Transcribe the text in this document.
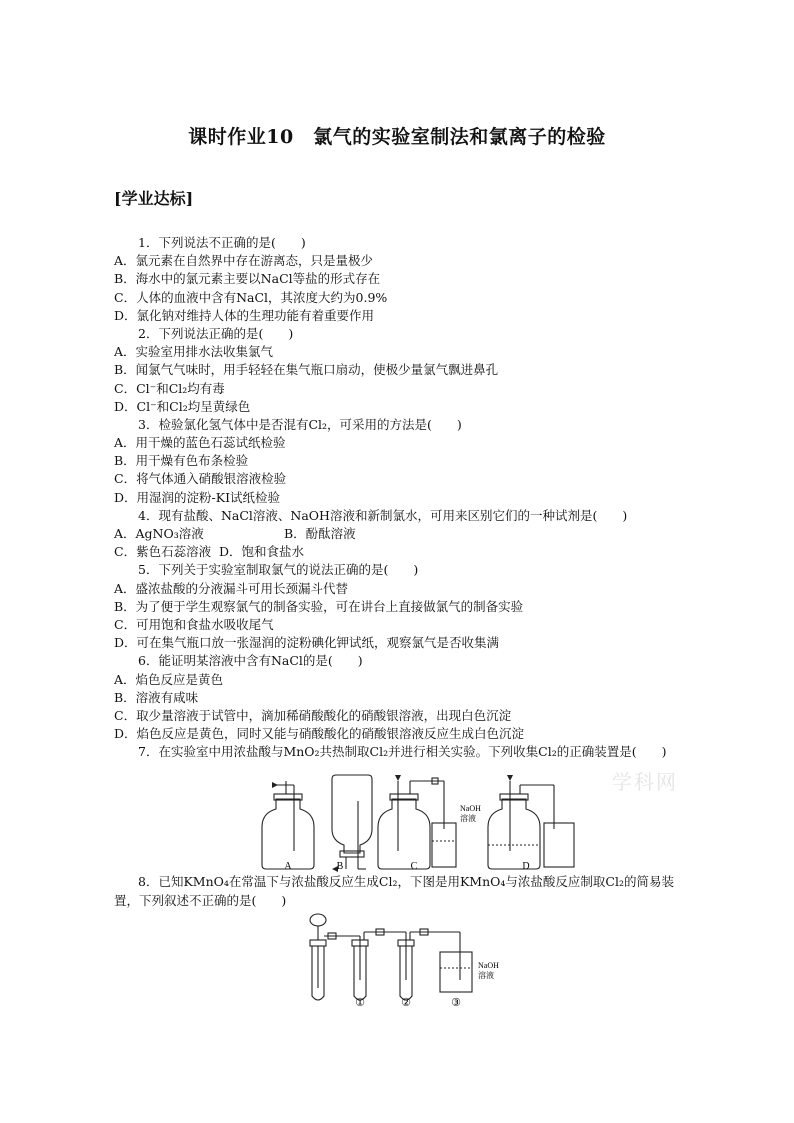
课时作业10　氯气的实验室制法和氯离子的检验
[学业达标]
学科网
1．下列说法不正确的是(　　)
A．氯元素在自然界中存在游离态，只是量极少
B．海水中的氯元素主要以NaCl等盐的形式存在
C．人体的血液中含有NaCl，其浓度大约为0.9%
D．氯化钠对维持人体的生理功能有着重要作用
2．下列说法正确的是(　　)
A．实验室用排水法收集氯气
B．闻氯气气味时，用手轻轻在集气瓶口扇动，使极少量氯气飘进鼻孔
C．Cl⁻和Cl₂均有毒
D．Cl⁻和Cl₂均呈黄绿色
3．检验氯化氢气体中是否混有Cl₂，可采用的方法是(　　)
A．用干燥的蓝色石蕊试纸检验
B．用干燥有色布条检验
C．将气体通入硝酸银溶液检验
D．用湿润的淀粉-KI试纸检验
4．现有盐酸、NaCl溶液、NaOH溶液和新制氯水，可用来区别它们的一种试剂是(　　)
A．AgNO₃溶液	B．酚酞溶液
C．紫色石蕊溶液 D．饱和食盐水
5．下列关于实验室制取氯气的说法正确的是(　　)
A．盛浓盐酸的分液漏斗可用长颈漏斗代替
B．为了便于学生观察氯气的制备实验，可在讲台上直接做氯气的制备实验
C．可用饱和食盐水吸收尾气
D．可在集气瓶口放一张湿润的淀粉碘化钾试纸，观察氯气是否收集满
6．能证明某溶液中含有NaCl的是(　　)
A．焰色反应是黄色
B．溶液有咸味
C．取少量溶液于试管中，滴加稀硝酸酸化的硝酸银溶液，出现白色沉淀
D．焰色反应是黄色，同时又能与硝酸酸化的硝酸银溶液反应生成白色沉淀
7．在实验室中用浓盐酸与MnO₂共热制取Cl₂并进行相关实验。下列收集Cl₂的正确装置是(　　)
NaOH
溶液
A	B	C	D
8．已知KMnO₄在常温下与浓盐酸反应生成Cl₂，下图是用KMnO₄与浓盐酸反应制取Cl₂的简易装置，下列叙述不正确的是(　　)
NaOH
溶液
①	②	③
